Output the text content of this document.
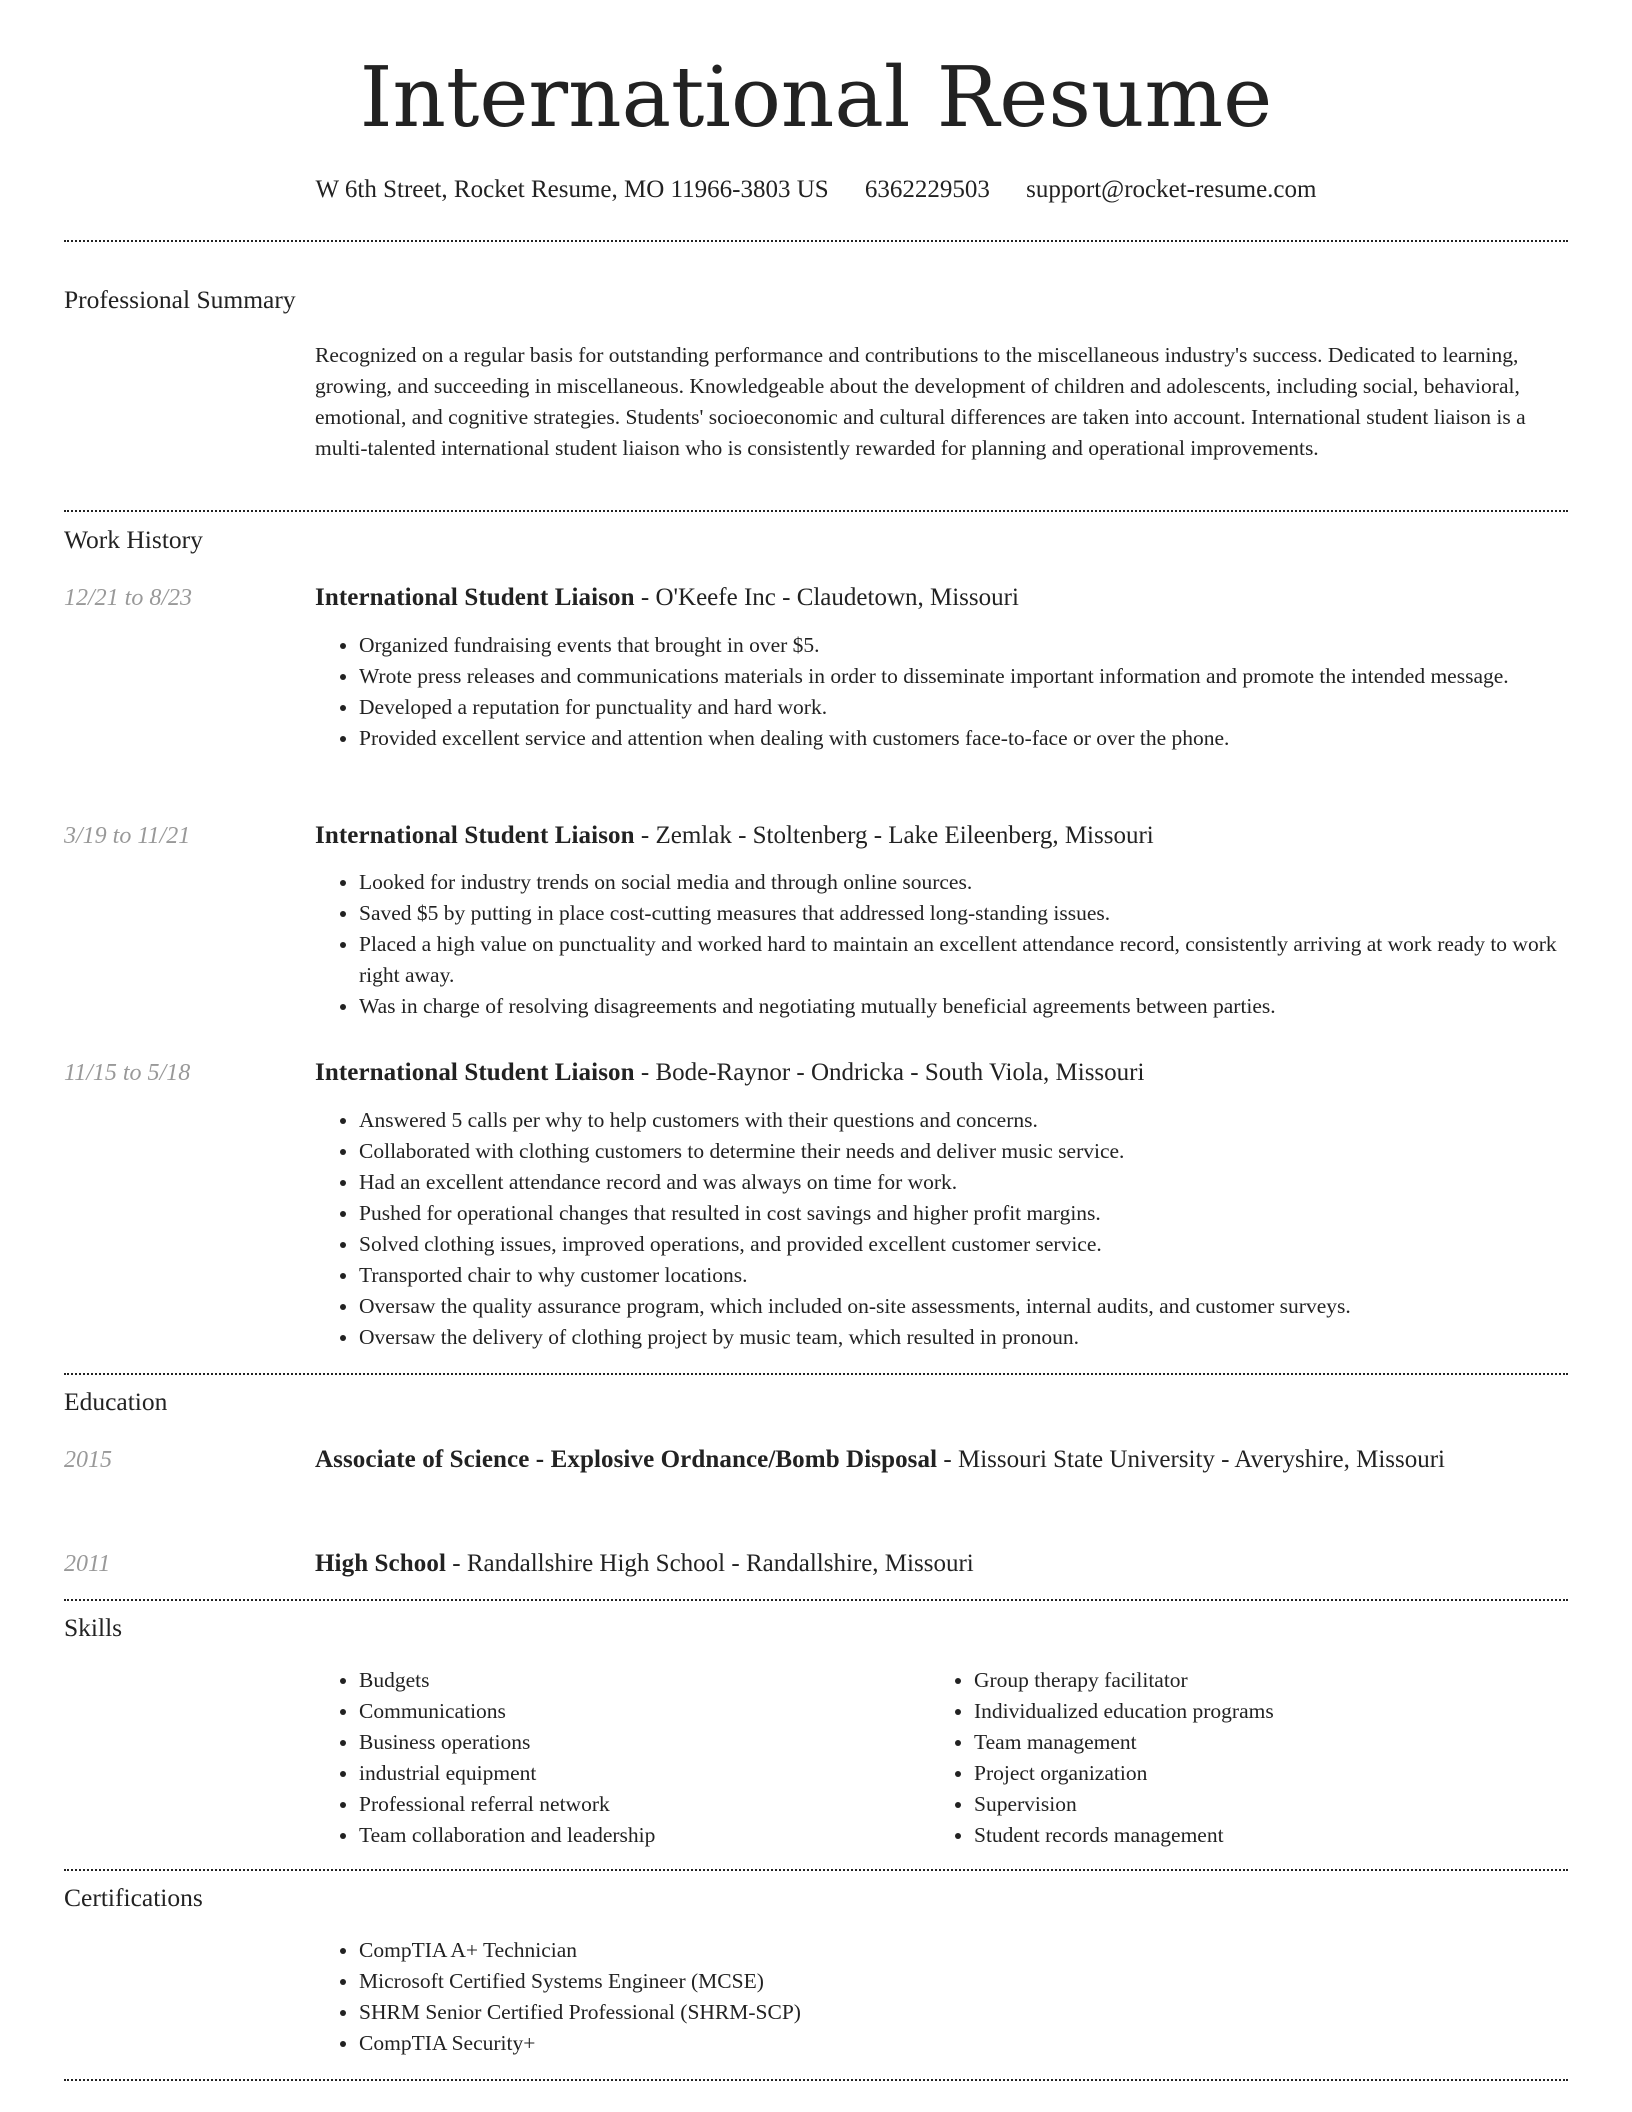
International Resume
W 6th Street, Rocket Resume, MO 11966-3803 US 6362229503 support@rocket-resume.com
Professional Summary

Recognized on a regular basis for outstanding performance and contributions to the miscellaneous industry's success. Dedicated to learning, growing, and succeeding in miscellaneous. Knowledgeable about the development of children and adolescents, including social, behavioral, emotional, and cognitive strategies. Students' socioeconomic and cultural differences are taken into account. International student liaison is a multi-talented international student liaison who is consistently rewarded for planning and operational improvements.

Work History
12/21 to 8/23	International Student Liaison - O'Keefe Inc - Claudetown, Missouri
• Organized fundraising events that brought in over $5.
• Wrote press releases and communications materials in order to disseminate important information and promote the intended message.
• Developed a reputation for punctuality and hard work.
• Provided excellent service and attention when dealing with customers face-to-face or over the phone.
3/19 to 11/21	International Student Liaison - Zemlak - Stoltenberg - Lake Eileenberg, Missouri
• Looked for industry trends on social media and through online sources.
• Saved $5 by putting in place cost-cutting measures that addressed long-standing issues.
• Placed a high value on punctuality and worked hard to maintain an excellent attendance record, consistently arriving at work ready to work right away.
• Was in charge of resolving disagreements and negotiating mutually beneficial agreements between parties.
11/15 to 5/18	International Student Liaison - Bode-Raynor - Ondricka - South Viola, Missouri
• Answered 5 calls per why to help customers with their questions and concerns.
• Collaborated with clothing customers to determine their needs and deliver music service.
• Had an excellent attendance record and was always on time for work.
• Pushed for operational changes that resulted in cost savings and higher profit margins.
• Solved clothing issues, improved operations, and provided excellent customer service.
• Transported chair to why customer locations.
• Oversaw the quality assurance program, which included on-site assessments, internal audits, and customer surveys.
• Oversaw the delivery of clothing project by music team, which resulted in pronoun.
Education
2015	Associate of Science - Explosive Ordnance/Bomb Disposal - Missouri State University - Averyshire, Missouri
2011	High School - Randallshire High School - Randallshire, Missouri
Skills
• Budgets
• Communications
• Business operations
• industrial equipment
• Professional referral network
• Team collaboration and leadership
• Group therapy facilitator
• Individualized education programs
• Team management
• Project organization
• Supervision
• Student records management
Certifications
• CompTIA A+ Technician
• Microsoft Certified Systems Engineer (MCSE)
• SHRM Senior Certified Professional (SHRM-SCP)
• CompTIA Security+
